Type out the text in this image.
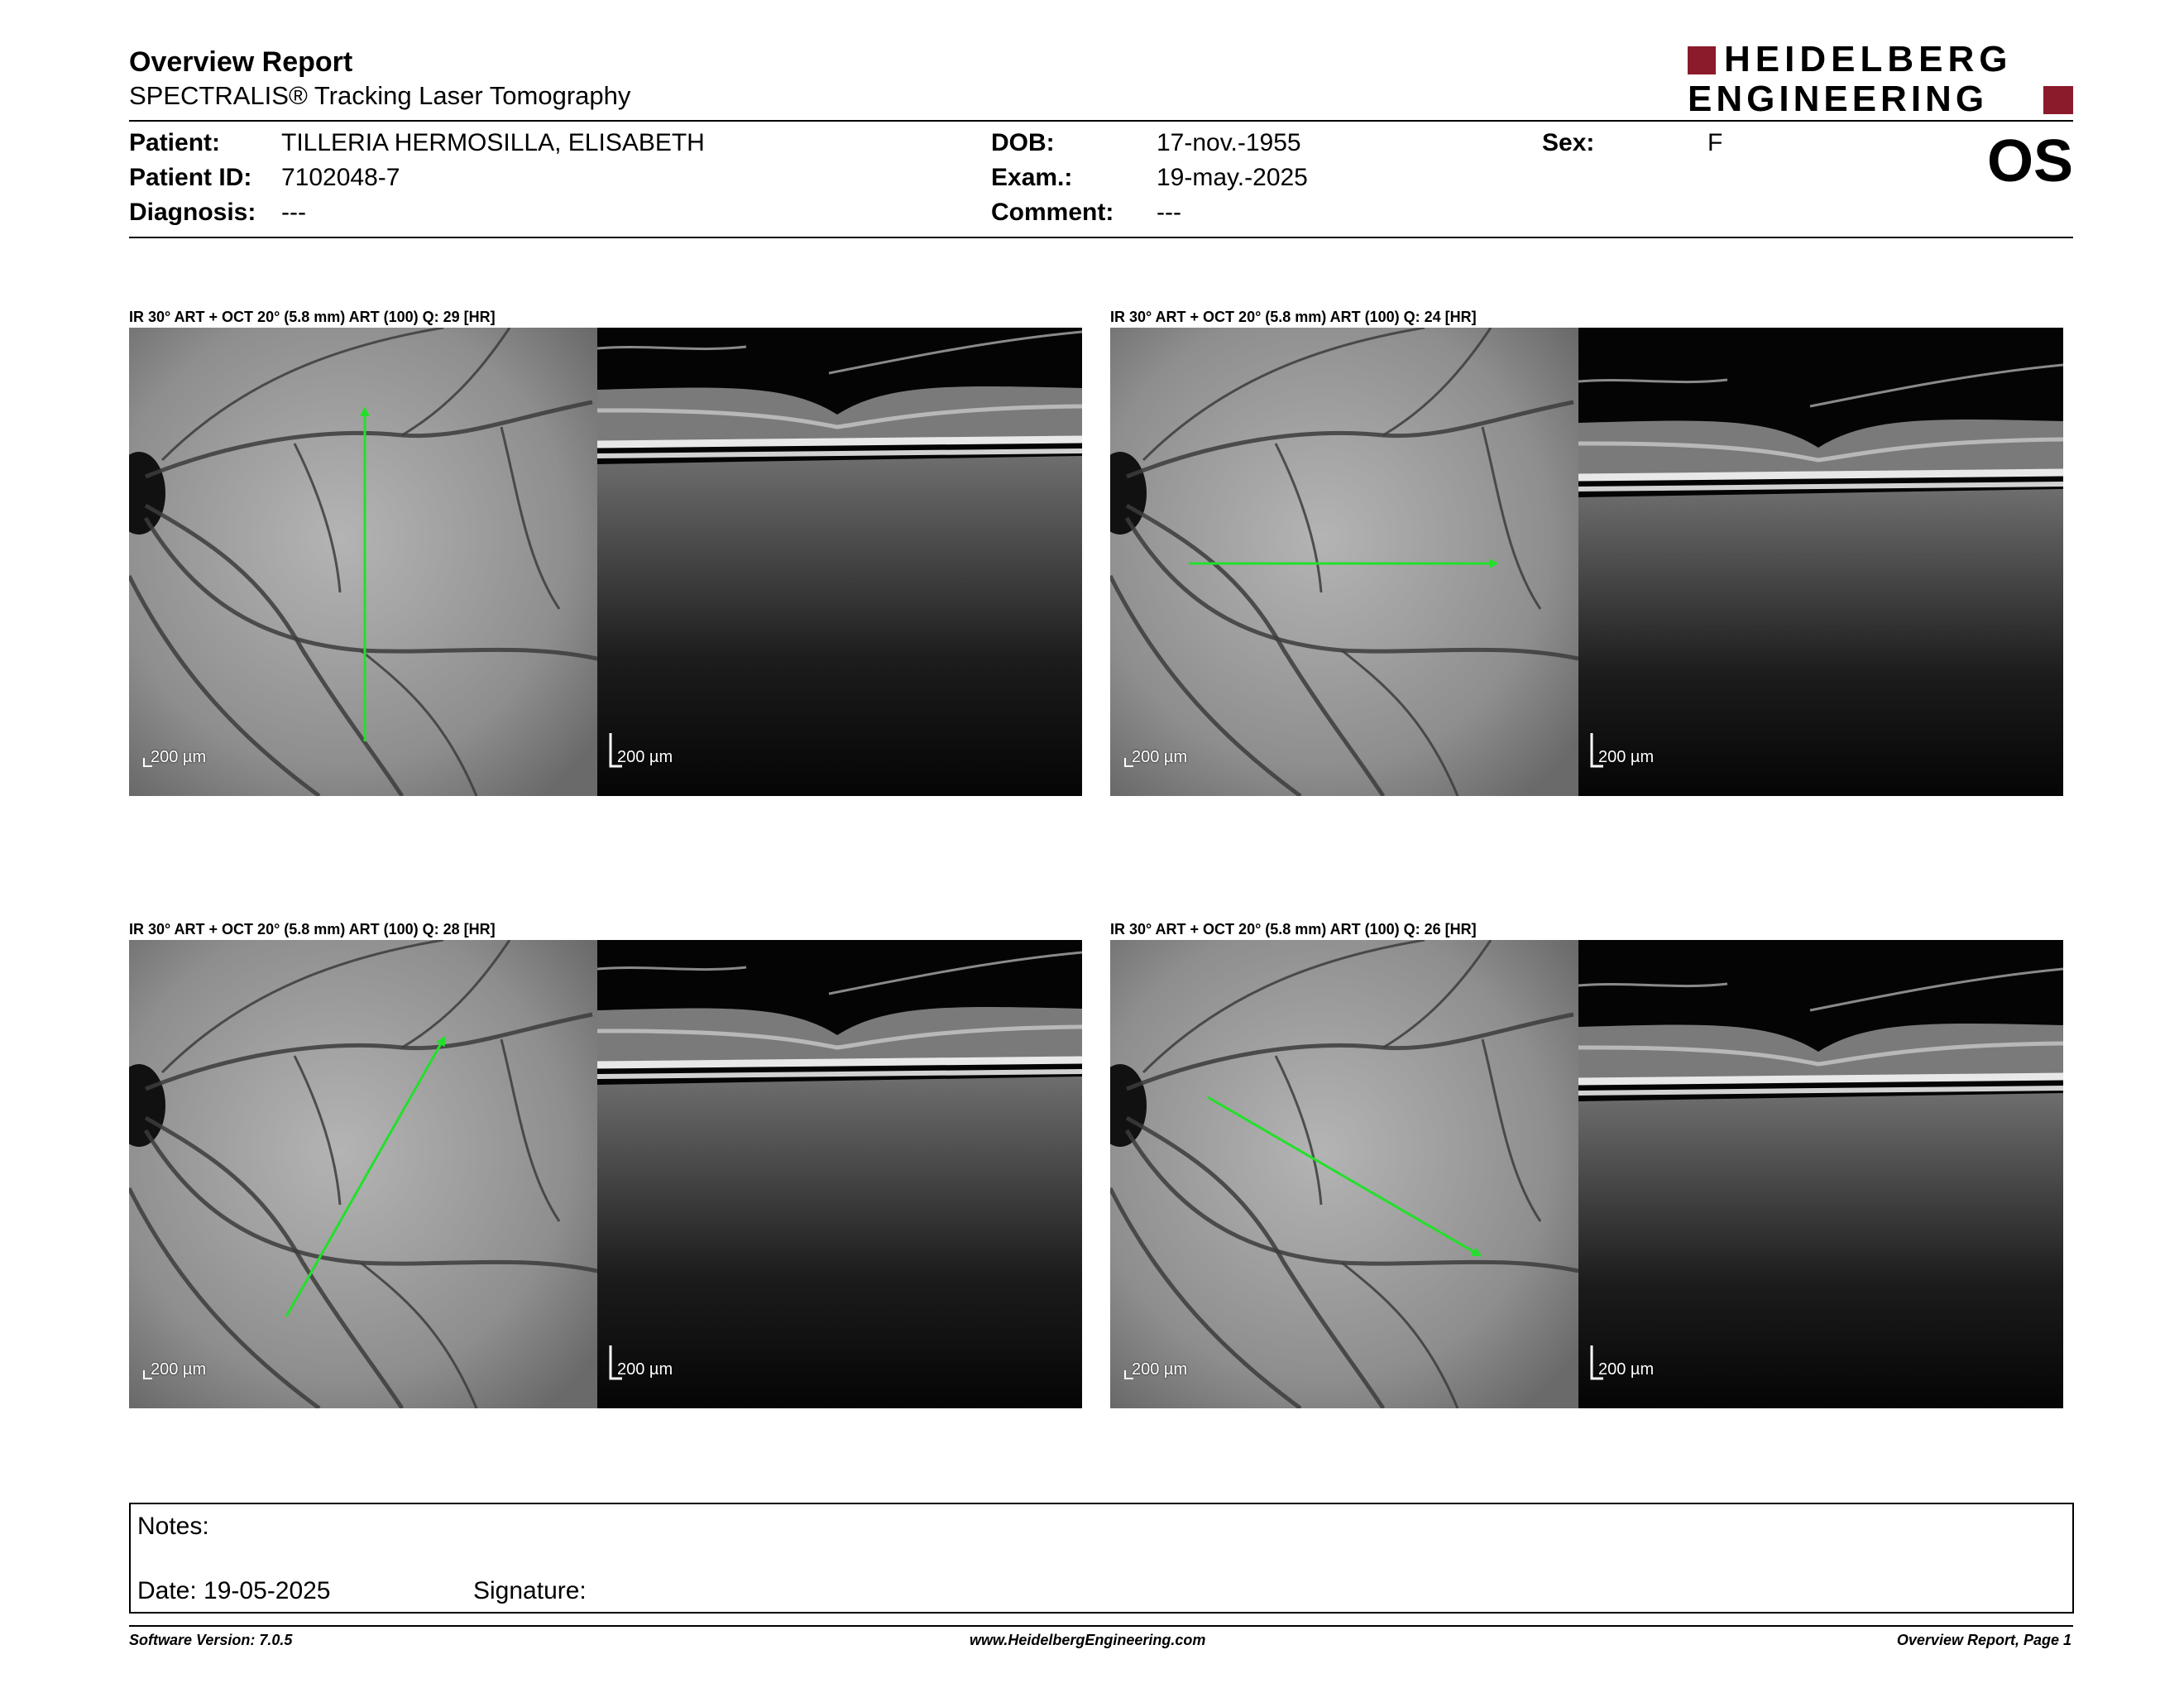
Overview Report
SPECTRALIS® Tracking Laser Tomography
HEIDELBERG
ENGINEERING
Patient: TILLERIA HERMOSILLA, ELISABETH
Patient ID: 7102048-7
Diagnosis: ---
DOB:	17-nov.-1955
Exam.:	19-may.-2025
Comment: ---
Sex:	F	OS
IR 30° ART + OCT 20° (5.8 mm) ART (100) Q: 29 [HR]
200 µm	200 µm
IR 30° ART + OCT 20° (5.8 mm) ART (100) Q: 24 [HR]
200 µm	200 µm
IR 30° ART + OCT 20° (5.8 mm) ART (100) Q: 28 [HR]
200 µm	200 µm
IR 30° ART + OCT 20° (5.8 mm) ART (100) Q: 26 [HR]
200 µm	200 µm
Notes:
Date: 19-05-2025	Signature:
Software Version: 7.0.5	www.HeidelbergEngineering.com	Overview Report, Page 1
